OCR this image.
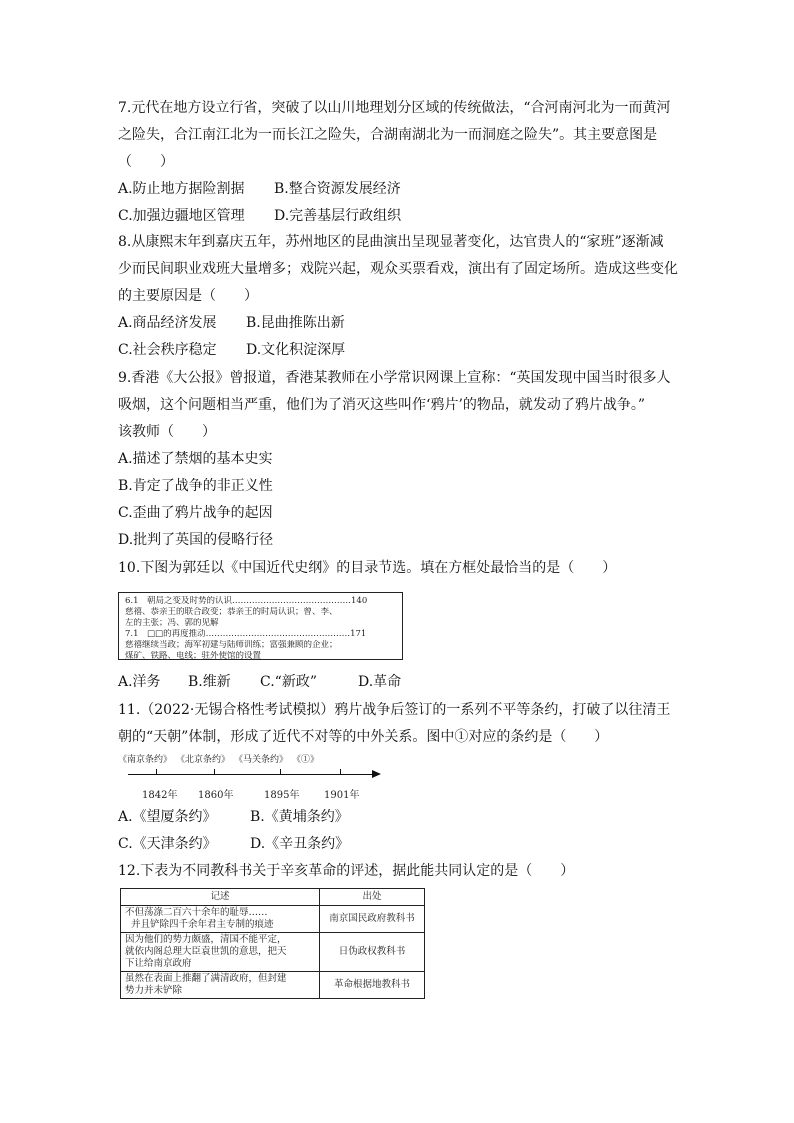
7.元代在地方设立行省，突破了以山川地理划分区域的传统做法，“合河南河北为一而黄河
之险失，合江南江北为一而长江之险失，合湖南湖北为一而洞庭之险失”。其主要意图是
（　　）
A.防止地方据险割据 B.整合资源发展经济
C.加强边疆地区管理 D.完善基层行政组织
8.从康熙末年到嘉庆五年，苏州地区的昆曲演出呈现显著变化，达官贵人的“家班”逐渐减
少而民间职业戏班大量增多；戏院兴起，观众买票看戏，演出有了固定场所。造成这些变化
的主要原因是（　　）
A.商品经济发展 B.昆曲推陈出新
C.社会秩序稳定 D.文化积淀深厚
9.香港《大公报》曾报道，香港某教师在小学常识网课上宣称：“英国发现中国当时很多人
吸烟，这个问题相当严重，他们为了消灭这些叫作‘鸦片’的物品，就发动了鸦片战争。”
该教师（　　）
A.描述了禁烟的基本史实
B.肯定了战争的非正义性
C.歪曲了鸦片战争的起因
D.批判了英国的侵略行径
10.下图为郭廷以《中国近代史纲》的目录节选。填在方框处最恰当的是（　　）
6.1　朝局之变及时势的认识……………………………………140
慈禧、恭亲王的联合政变；恭亲王的时局认识；曾、李、
左的主张；冯、郭的见解
7.1　□□的再度推动……………………………………………171
慈禧继续当政；海军初建与陆师训练；富强兼顾的企业；
煤矿、铁路、电线；驻外使馆的设置
A.洋务 B.维新 C.“新政”	D.革命
11.（2022·无锡合格性考试模拟）鸦片战争后签订的一系列不平等条约，打破了以往清王
朝的“天朝”体制，形成了近代不对等的中外关系。图中①对应的条约是（　　）
《南京条约》 《北京条约》 《马关条约》 《①》
1842年 1860年	1895年 1901年
A.《望厦条约》 B.《黄埔条约》
C.《天津条约》 D.《辛丑条约》
12.下表为不同教科书关于辛亥革命的评述，据此能共同认定的是（　　）
记述	出处

不但荡涤二百六十余年的耻辱……
并且铲除四千余年君主专制的痕迹	南京国民政府教科书

因为他们的势力颇盛，清国不能平定，
就依内阁总理大臣袁世凯的意思，把天
下让给南京政府	日伪政权教科书

虽然在表面上推翻了满清政府，但封建
势力并未铲除	革命根据地教科书
